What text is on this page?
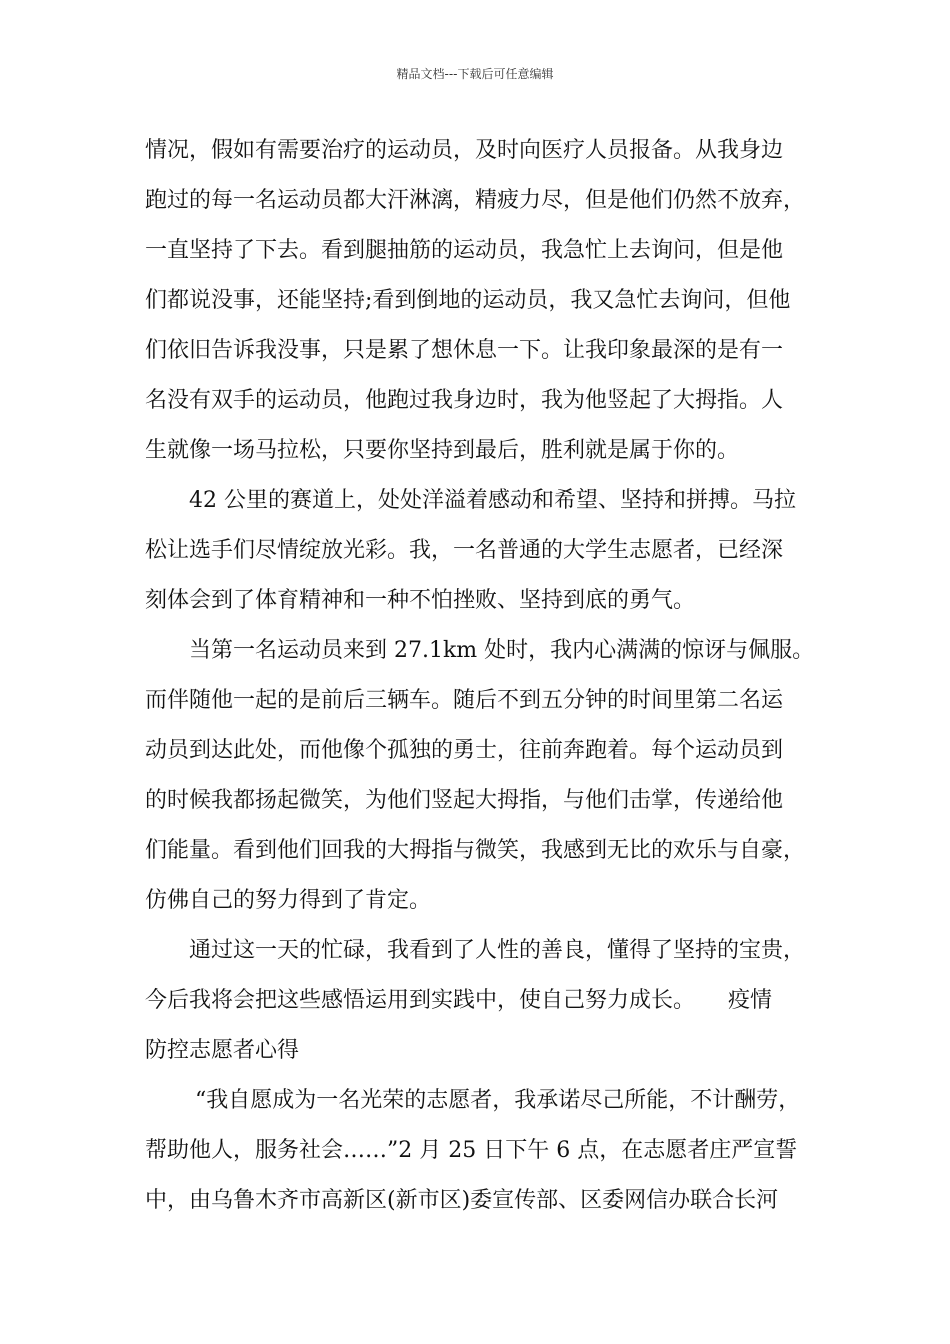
精品文档---下载后可任意编辑
情况，假如有需要治疗的运动员，及时向医疗人员报备。从我身边
跑过的每一名运动员都大汗淋漓，精疲力尽，但是他们仍然不放弃，
一直坚持了下去。看到腿抽筋的运动员，我急忙上去询问，但是他
们都说没事，还能坚持;看到倒地的运动员，我又急忙去询问，但他
们依旧告诉我没事，只是累了想休息一下。让我印象最深的是有一
名没有双手的运动员，他跑过我身边时，我为他竖起了大拇指。人
生就像一场马拉松，只要你坚持到最后，胜利就是属于你的。
42 公里的赛道上，处处洋溢着感动和希望、坚持和拼搏。马拉
松让选手们尽情绽放光彩。我，一名普通的大学生志愿者，已经深
刻体会到了体育精神和一种不怕挫败、坚持到底的勇气。
当第一名运动员来到 27.1km 处时，我内心满满的惊讶与佩服。
而伴随他一起的是前后三辆车。随后不到五分钟的时间里第二名运
动员到达此处，而他像个孤独的勇士，往前奔跑着。每个运动员到
的时候我都扬起微笑，为他们竖起大拇指，与他们击掌，传递给他
们能量。看到他们回我的大拇指与微笑，我感到无比的欢乐与自豪，
仿佛自己的努力得到了肯定。
通过这一天的忙碌，我看到了人性的善良，懂得了坚持的宝贵，
今后我将会把这些感悟运用到实践中，使自己努力成长。　　疫情
防控志愿者心得
“我自愿成为一名光荣的志愿者，我承诺尽己所能，不计酬劳，
帮助他人，服务社会……”2 月 25 日下午 6 点，在志愿者庄严宣誓
中，由乌鲁木齐市高新区(新市区)委宣传部、区委网信办联合长河
